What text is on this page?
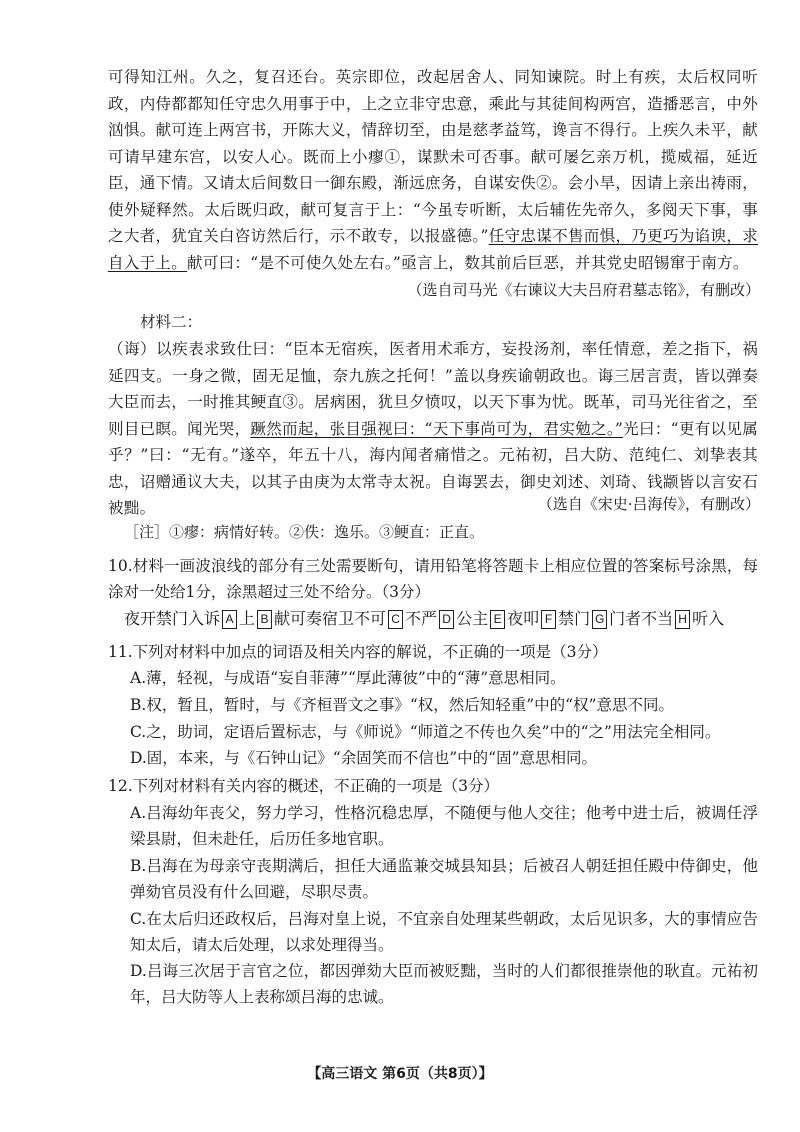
可得知江州。久之，复召还台。英宗即位，改起居舍人、同知谏院。时上有疾，太后权同听政，内侍都都知任守忠久用事于中，上之立非守忠意，乘此与其徒间构两宫，造播恶言，中外汹惧。献可连上两宫书，开陈大义，情辞切至，由是慈孝益笃，谗言不得行。上疾久未平，献可请早建东宫，以安人心。既而上小瘳①，谋默未可否事。献可屡乞亲万机，揽威福，延近臣，通下情。又请太后间数日一御东殿，渐远庶务，自谋安佚②。会小旱，因请上亲出祷雨，使外疑释然。太后既归政，献可复言于上：“今虽专听断，太后辅佐先帝久，多阅天下事，事之大者，犹宜关白咨访然后行，示不敢专，以报盛德。”任守忠谋不售而惧，乃更巧为谄谀，求自入于上。献可曰：“是不可使久处左右。”亟言上，数其前后巨恶，并其党史昭锡窜于南方。

（选自司马光《右谏议大夫吕府君墓志铭》，有删改）
材料二：

（诲）以疾表求致仕曰：“臣本无宿疾，医者用术乖方，妄投汤剂，率任情意，差之指下，祸延四支。一身之微，固无足恤，奈九族之托何！”盖以身疾谕朝政也。诲三居言责，皆以弹奏大臣而去，一时推其鲠直③。居病困，犹旦夕愤叹，以天下事为忧。既革，司马光往省之，至则目已瞑。闻光哭，蹶然而起，张目强视曰：“天下事尚可为，君实勉之。”光曰：“更有以见属乎？”曰：“无有。”遂卒，年五十八，海内闻者痛惜之。元祐初，吕大防、范纯仁、刘挚表其忠，诏赠通议大夫，以其子由庚为太常寺太祝。自诲罢去，御史刘述、刘琦、钱颛皆以言安石被黜。	（选自《宋史·吕海传》，有删改）
［注］①瘳：病情好转。②佚：逸乐。③鲠直：正直。

10.材料一画波浪线的部分有三处需要断句，请用铅笔将答题卡上相应位置的答案标号涂黑，每涂对一处给1分，涂黑超过三处不给分。（3分）

夜开禁门入诉 A 上 B 献可奏宿卫不可 C 不严 D 公主 E 夜叩 F 禁门 G 门者不当 H 听入

11.下列对材料中加点的词语及相关内容的解说，不正确的一项是（3分）

A.薄，轻视，与成语“妄自菲薄”“厚此薄彼”中的“薄”意思相同。

B.权，暂且，暂时，与《齐桓晋文之事》“权，然后知轻重”中的“权”意思不同。

C.之，助词，定语后置标志，与《师说》“师道之不传也久矣”中的“之”用法完全相同。

D.固，本来，与《石钟山记》“余固笑而不信也”中的“固”意思相同。

12.下列对材料有关内容的概述，不正确的一项是（3分）

A.吕海幼年丧父，努力学习，性格沉稳忠厚，不随便与他人交往；他考中进士后，被调任浮梁县尉，但未赴任，后历任多地官职。

B.吕海在为母亲守丧期满后，担任大通监兼交城县知县；后被召人朝廷担任殿中侍御史，他弹劾官员没有什么回避，尽职尽责。

C.在太后归还政权后，吕海对皇上说，不宜亲自处理某些朝政，太后见识多，大的事情应告知太后，请太后处理，以求处理得当。

D.吕诲三次居于言官之位，都因弹劾大臣而被贬黜，当时的人们都很推崇他的耿直。元祐初年，吕大防等人上表称颂吕海的忠诚。

【高三语文 第6页（共8页）】
